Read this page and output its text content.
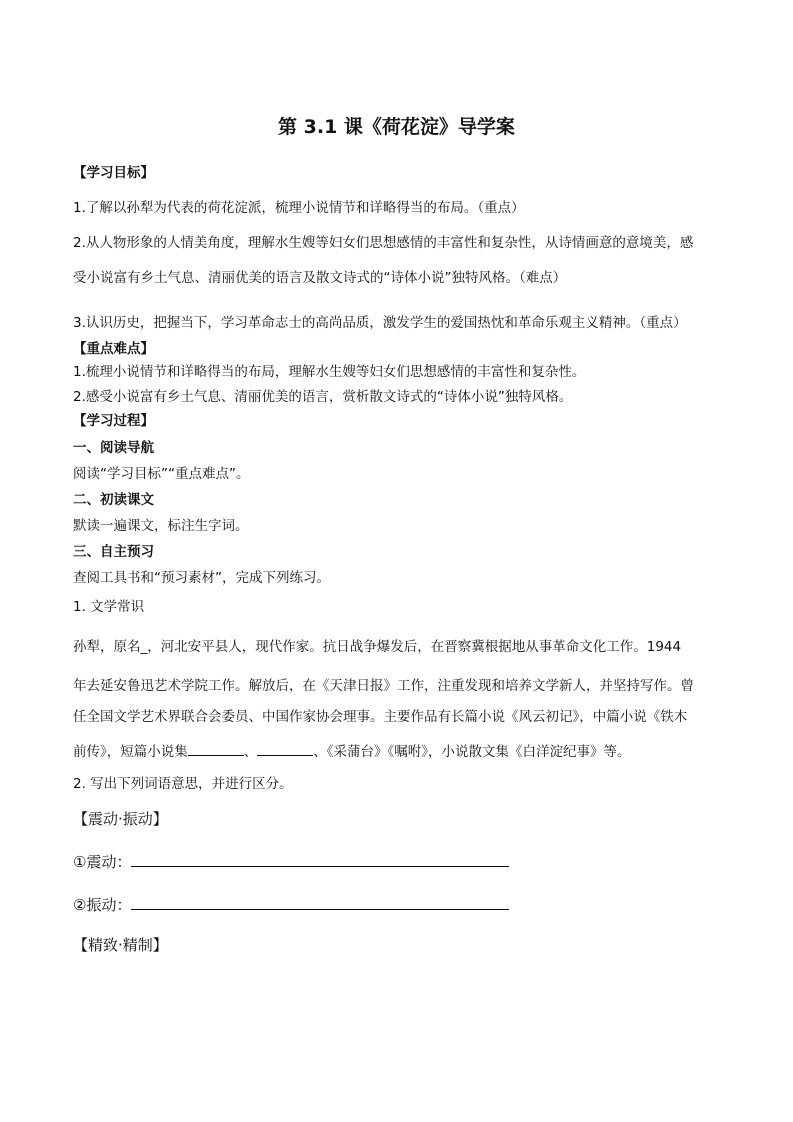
第 3.1 课《荷花淀》导学案
【学习目标】
1.了解以孙犁为代表的荷花淀派，梳理小说情节和详略得当的布局。（重点）
2.从人物形象的人情美角度，理解水生嫂等妇女们思想感情的丰富性和复杂性，从诗情画意的意境美，感
受小说富有乡土气息、清丽优美的语言及散文诗式的“诗体小说”独特风格。（难点）
3.认识历史，把握当下，学习革命志士的高尚品质，激发学生的爱国热忱和革命乐观主义精神。（重点）
【重点难点】
1.梳理小说情节和详略得当的布局，理解水生嫂等妇女们思想感情的丰富性和复杂性。
2.感受小说富有乡土气息、清丽优美的语言，赏析散文诗式的“诗体小说”独特风格。
【学习过程】
一、阅读导航
阅读“学习目标”“重点难点”。
二、初读课文
默读一遍课文，标注生字词。
三、自主预习
查阅工具书和“预习素材”，完成下列练习。
1. 文学常识
孙犁，原名_，河北安平县人，现代作家。抗日战争爆发后，在晋察冀根据地从事革命文化工作。1944
年去延安鲁迅艺术学院工作。解放后，在《天津日报》工作，注重发现和培养文学新人，并坚持写作。曾
任全国文学艺术界联合会委员、中国作家协会理事。主要作品有长篇小说《风云初记》，中篇小说《铁木
前传》，短篇小说集	、	、《采蒲台》《嘱咐》，小说散文集《白洋淀纪事》等。
2. 写出下列词语意思，并进行区分。
【震动·振动】
①震动：
②振动：
【精致·精制】
